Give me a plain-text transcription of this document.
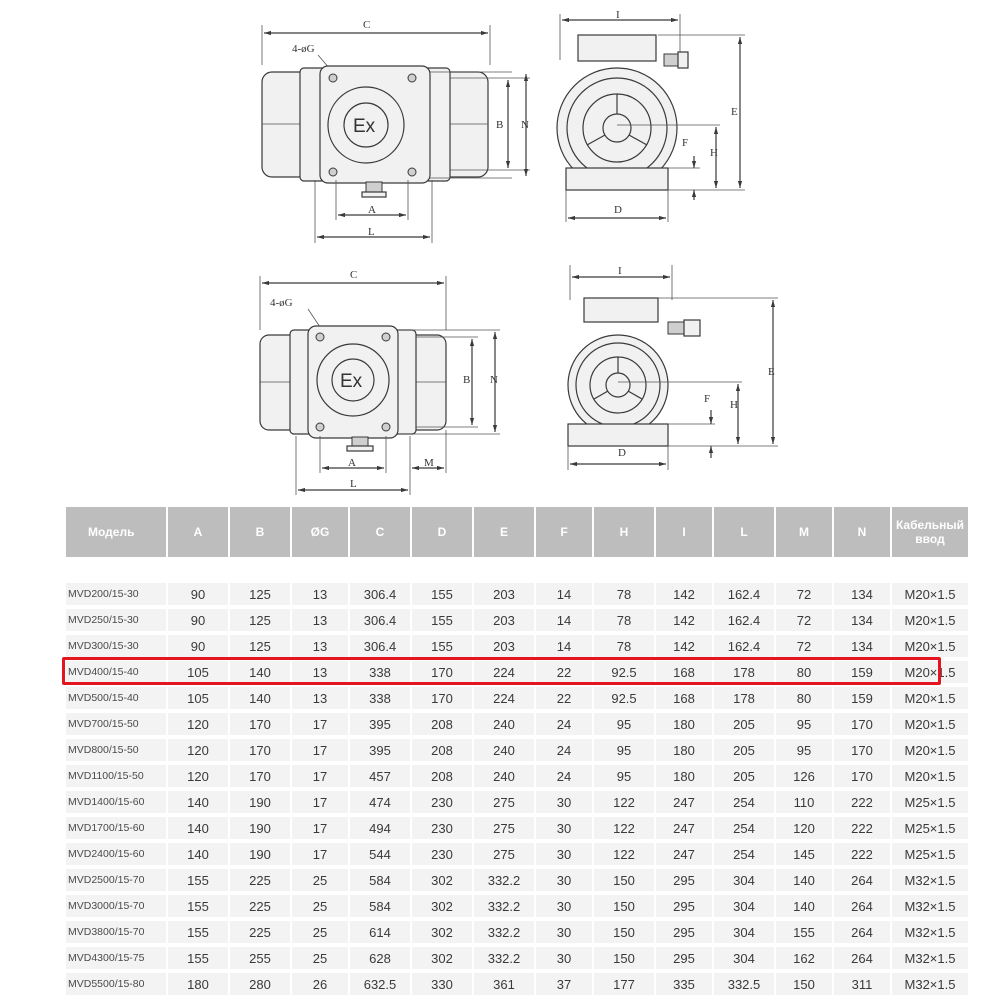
C
4-øG
Ex
A
L
B N
I
E
H
F
D
C
4-øG
Ex
A
L
M
B N
I
E
H
F
D
Модель	A	B	ØG	C	D	E	F	H	I	L	M	N	Кабельный ввод

MVD200/15-30	90	125	13	306.4	155	203	14	78	142	162.4	72	134	M20×1.5
MVD250/15-30	90	125	13	306.4	155	203	14	78	142	162.4	72	134	M20×1.5
MVD300/15-30	90	125	13	306.4	155	203	14	78	142	162.4	72	134	M20×1.5
MVD400/15-40	105	140	13	338	170	224	22	92.5	168	178	80	159	M20×1.5
MVD500/15-40	105	140	13	338	170	224	22	92.5	168	178	80	159	M20×1.5
MVD700/15-50	120	170	17	395	208	240	24	95	180	205	95	170	M20×1.5
MVD800/15-50	120	170	17	395	208	240	24	95	180	205	95	170	M20×1.5
MVD1100/15-50	120	170	17	457	208	240	24	95	180	205	126	170	M20×1.5
MVD1400/15-60	140	190	17	474	230	275	30	122	247	254	110	222	M25×1.5
MVD1700/15-60	140	190	17	494	230	275	30	122	247	254	120	222	M25×1.5
MVD2400/15-60	140	190	17	544	230	275	30	122	247	254	145	222	M25×1.5
MVD2500/15-70	155	225	25	584	302	332.2	30	150	295	304	140	264	M32×1.5
MVD3000/15-70	155	225	25	584	302	332.2	30	150	295	304	140	264	M32×1.5
MVD3800/15-70	155	225	25	614	302	332.2	30	150	295	304	155	264	M32×1.5
MVD4300/15-75	155	255	25	628	302	332.2	30	150	295	304	162	264	M32×1.5
MVD5500/15-80	180	280	26	632.5	330	361	37	177	335	332.5	150	311	M32×1.5
